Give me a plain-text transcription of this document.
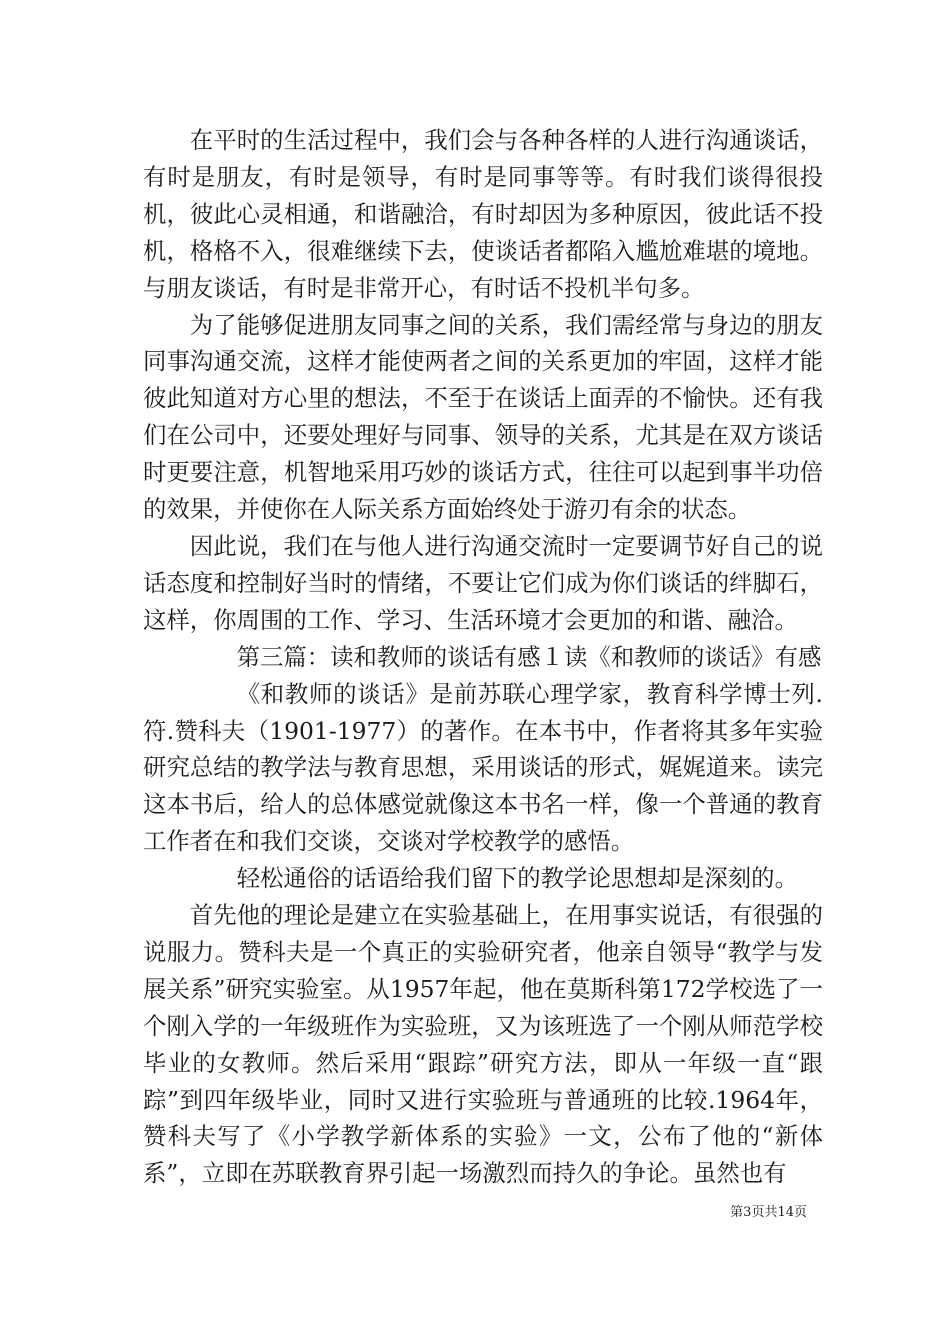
在平时的生活过程中，我们会与各种各样的人进行沟通谈话，有时是朋友，有时是领导，有时是同事等等。有时我们谈得很投机，彼此心灵相通，和谐融洽，有时却因为多种原因，彼此话不投机，格格不入，很难继续下去，使谈话者都陷入尴尬难堪的境地。与朋友谈话，有时是非常开心，有时话不投机半句多。

为了能够促进朋友同事之间的关系，我们需经常与身边的朋友同事沟通交流，这样才能使两者之间的关系更加的牢固，这样才能彼此知道对方心里的想法，不至于在谈话上面弄的不愉快。还有我们在公司中，还要处理好与同事、领导的关系，尤其是在双方谈话时更要注意，机智地采用巧妙的谈话方式，往往可以起到事半功倍的效果，并使你在人际关系方面始终处于游刃有余的状态。

因此说，我们在与他人进行沟通交流时一定要调节好自己的说话态度和控制好当时的情绪，不要让它们成为你们谈话的绊脚石，这样，你周围的工作、学习、生活环境才会更加的和谐、融洽。

第三篇：读和教师的谈话有感１读《和教师的谈话》有感

《和教师的谈话》是前苏联心理学家，教育科学博士列.符.赞科夫（1901-1977）的著作。在本书中，作者将其多年实验研究总结的教学法与教育思想，采用谈话的形式，娓娓道来。读完这本书后，给人的总体感觉就像这本书名一样，像一个普通的教育工作者在和我们交谈，交谈对学校教学的感悟。

轻松通俗的话语给我们留下的教学论思想却是深刻的。

首先他的理论是建立在实验基础上，在用事实说话，有很强的说服力。赞科夫是一个真正的实验研究者，他亲自领导“教学与发展关系”研究实验室。从1957年起，他在莫斯科第172学校选了一个刚入学的一年级班作为实验班，又为该班选了一个刚从师范学校毕业的女教师。然后采用“跟踪”研究方法，即从一年级一直“跟踪”到四年级毕业，同时又进行实验班与普通班的比较.1964年，赞科夫写了《小学教学新体系的实验》一文，公布了他的“新体系”，立即在苏联教育界引起一场激烈而持久的争论。虽然也有

第3页共14页
